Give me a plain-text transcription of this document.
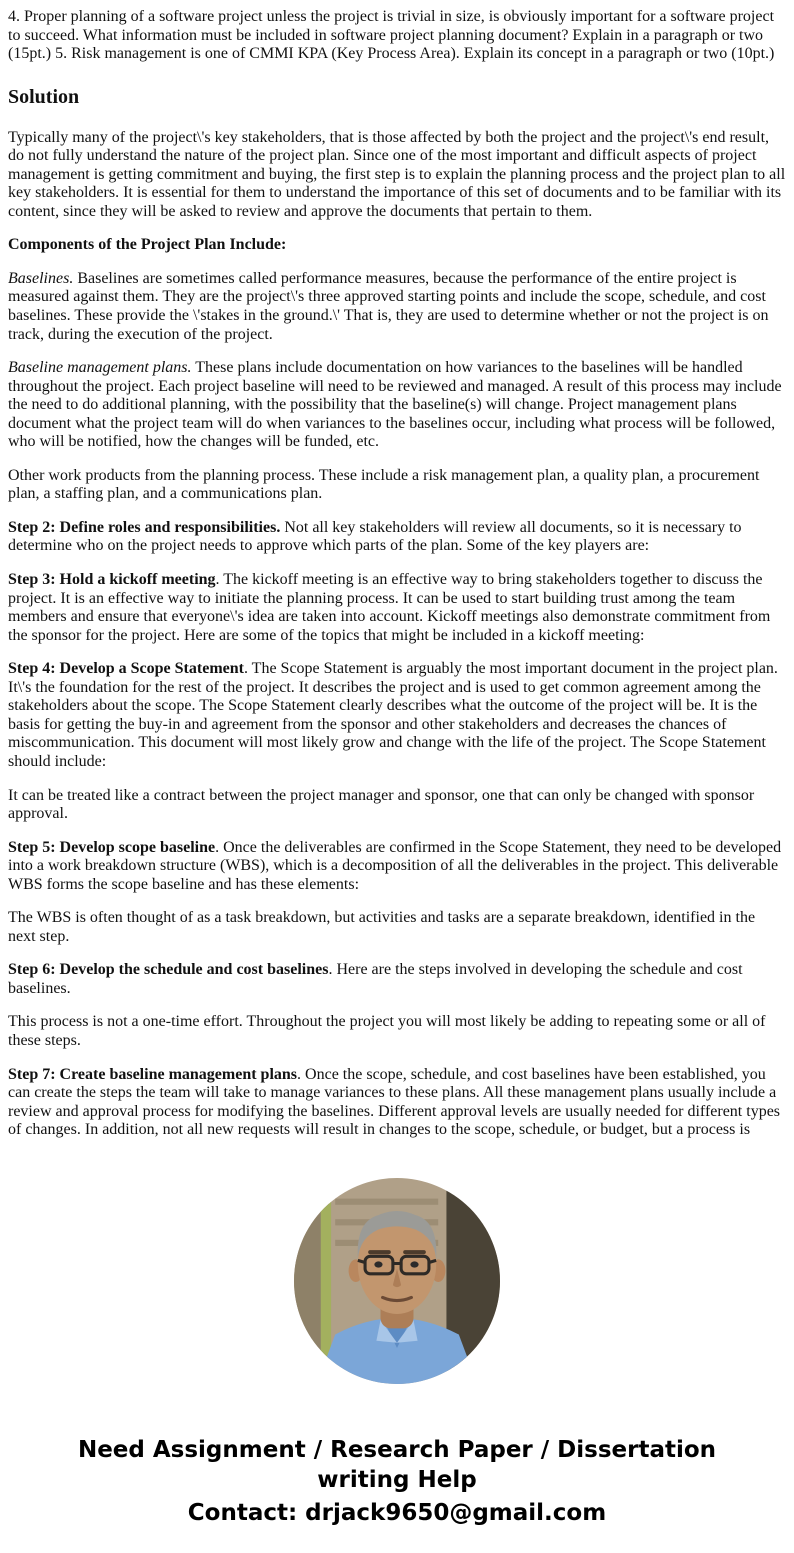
4. Proper planning of a software project unless the project is trivial in size, is obviously important for a software project to succeed. What information must be included in software project planning document? Explain in a paragraph or two (15pt.) 5. Risk management is one of CMMI KPA (Key Process Area). Explain its concept in a paragraph or two (10pt.)

Solution

Typically many of the project\'s key stakeholders, that is those affected by both the project and the project\'s end result, do not fully understand the nature of the project plan. Since one of the most important and difficult aspects of project management is getting commitment and buying, the first step is to explain the planning process and the project plan to all key stakeholders. It is essential for them to understand the importance of this set of documents and to be familiar with its content, since they will be asked to review and approve the documents that pertain to them.

Components of the Project Plan Include:

Baselines. Baselines are sometimes called performance measures, because the performance of the entire project is measured against them. They are the project\'s three approved starting points and include the scope, schedule, and cost baselines. These provide the \'stakes in the ground.\' That is, they are used to determine whether or not the project is on track, during the execution of the project.

Baseline management plans. These plans include documentation on how variances to the baselines will be handled throughout the project. Each project baseline will need to be reviewed and managed. A result of this process may include the need to do additional planning, with the possibility that the baseline(s) will change. Project management plans document what the project team will do when variances to the baselines occur, including what process will be followed, who will be notified, how the changes will be funded, etc.

Other work products from the planning process. These include a risk management plan, a quality plan, a procurement plan, a staffing plan, and a communications plan.

Step 2: Define roles and responsibilities. Not all key stakeholders will review all documents, so it is necessary to determine who on the project needs to approve which parts of the plan. Some of the key players are:

Step 3: Hold a kickoff meeting. The kickoff meeting is an effective way to bring stakeholders together to discuss the project. It is an effective way to initiate the planning process. It can be used to start building trust among the team members and ensure that everyone\'s idea are taken into account. Kickoff meetings also demonstrate commitment from the sponsor for the project. Here are some of the topics that might be included in a kickoff meeting:

Step 4: Develop a Scope Statement. The Scope Statement is arguably the most important document in the project plan. It\'s the foundation for the rest of the project. It describes the project and is used to get common agreement among the stakeholders about the scope. The Scope Statement clearly describes what the outcome of the project will be. It is the basis for getting the buy-in and agreement from the sponsor and other stakeholders and decreases the chances of miscommunication. This document will most likely grow and change with the life of the project. The Scope Statement should include:

It can be treated like a contract between the project manager and sponsor, one that can only be changed with sponsor approval.

Step 5: Develop scope baseline. Once the deliverables are confirmed in the Scope Statement, they need to be developed into a work breakdown structure (WBS), which is a decomposition of all the deliverables in the project. This deliverable WBS forms the scope baseline and has these elements:

The WBS is often thought of as a task breakdown, but activities and tasks are a separate breakdown, identified in the next step.

Step 6: Develop the schedule and cost baselines. Here are the steps involved in developing the schedule and cost baselines.

This process is not a one-time effort. Throughout the project you will most likely be adding to repeating some or all of these steps.

Step 7: Create baseline management plans. Once the scope, schedule, and cost baselines have been established, you can create the steps the team will take to manage variances to these plans. All these management plans usually include a review and approval process for modifying the baselines. Different approval levels are usually needed for different types of changes. In addition, not all new requests will result in changes to the scope, schedule, or budget, but a process is

Need Assignment / Research Paper / Dissertation writing Help
Contact: drjack9650@gmail.com
